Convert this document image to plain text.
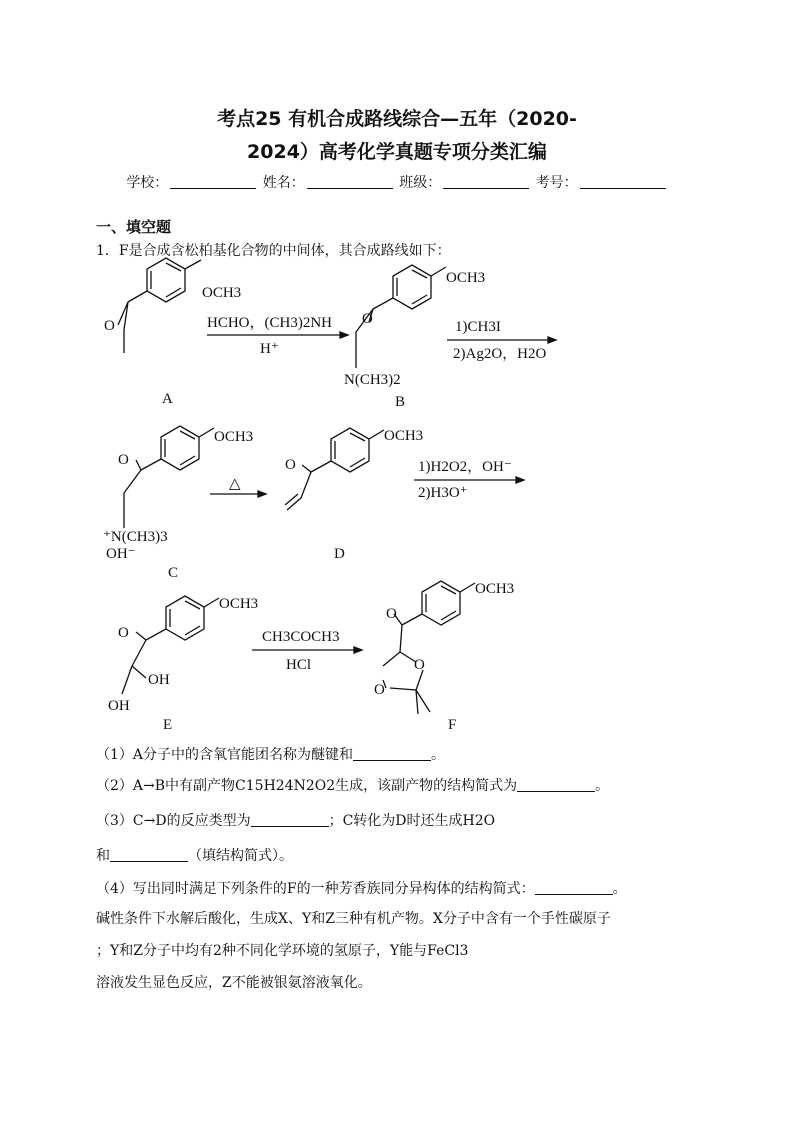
考点25 有机合成路线综合—五年（2020-
2024）高考化学真题专项分类汇编
学校：	姓名：	班级：	考号：
一、填空题
1．F是合成含松柏基化合物的中间体，其合成路线如下：
OCH3
O
A
HCHO，(CH3)2NH
H⁺
OCH3
O
N(CH3)2
B
1)CH3I
2)Ag2O，H2O
OCH3
O
⁺N(CH3)3
OH⁻
C
△
OCH3
O
D
1)H2O2，OH⁻
2)H3O⁺
OCH3
O
OH
OH
E
CH3COCH3
HCl
OCH3
O
O
O
F
（1）A分子中的含氧官能团名称为醚键和	。
（2）A→B中有副产物C15H24N2O2生成，该副产物的结构简式为	。
（3）C→D的反应类型为	；C转化为D时还生成H2O
和	（填结构简式）。
（4）写出同时满足下列条件的F的一种芳香族同分异构体的结构简式：	。
碱性条件下水解后酸化，生成X、Y和Z三种有机产物。X分子中含有一个手性碳原子
；Y和Z分子中均有2种不同化学环境的氢原子，Y能与FeCl3
溶液发生显色反应，Z不能被银氨溶液氧化。
